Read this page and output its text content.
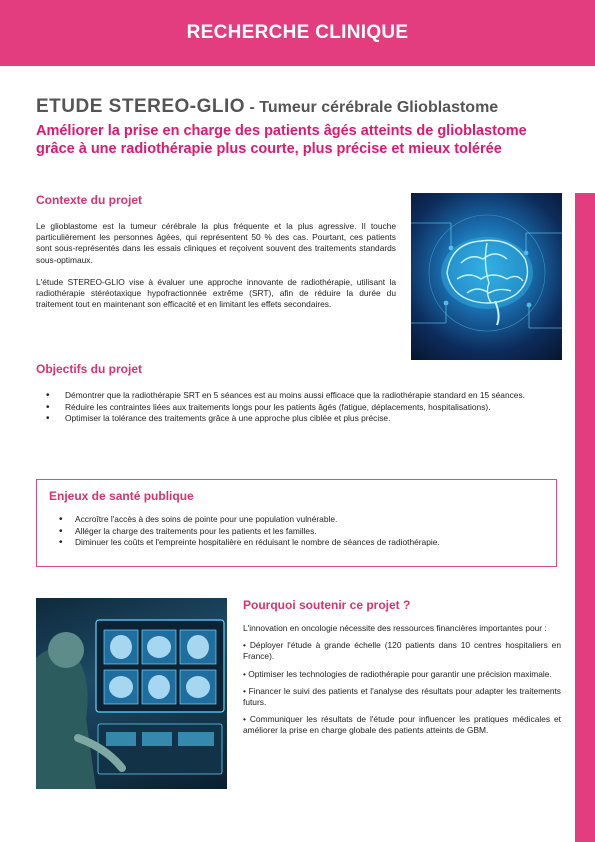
RECHERCHE CLINIQUE
ETUDE STEREO-GLIO - Tumeur cérébrale Glioblastome
Améliorer la prise en charge des patients âgés atteints de glioblastome grâce à une radiothérapie plus courte, plus précise et mieux tolérée
Contexte du projet

Le glioblastome est la tumeur cérébrale la plus fréquente et la plus agressive. Il touche particulièrement les personnes âgées, qui représentent 50 % des cas. Pourtant, ces patients sont sous-représentés dans les essais cliniques et reçoivent souvent des traitements standards sous-optimaux.

L'étude STEREO-GLIO vise à évaluer une approche innovante de radiothérapie, utilisant la radiothérapie stéréotaxique hypofractionnée extrême (SRT), afin de réduire la durée du traitement tout en maintenant son efficacité et en limitant les effets secondaires.

Objectifs du projet
• Démontrer que la radiothérapie SRT en 5 séances est au moins aussi efficace que la radiothérapie standard en 15 séances.
• Réduire les contraintes liées aux traitements longs pour les patients âgés (fatigue, déplacements, hospitalisations).
• Optimiser la tolérance des traitements grâce à une approche plus ciblée et plus précise.
Enjeux de santé publique
• Accroître l'accès à des soins de pointe pour une population vulnérable.
• Alléger la charge des traitements pour les patients et les familles.
• Diminuer les coûts et l'empreinte hospitalière en réduisant le nombre de séances de radiothérapie.
Pourquoi soutenir ce projet ?

L'innovation en oncologie nécessite des ressources financières importantes pour :

• Déployer l'étude à grande échelle (120 patients dans 10 centres hospitaliers en France).

• Optimiser les technologies de radiothérapie pour garantir une précision maximale.

• Financer le suivi des patients et l'analyse des résultats pour adapter les traitements futurs.

• Communiquer les résultats de l'étude pour influencer les pratiques médicales et améliorer la prise en charge globale des patients atteints de GBM.
